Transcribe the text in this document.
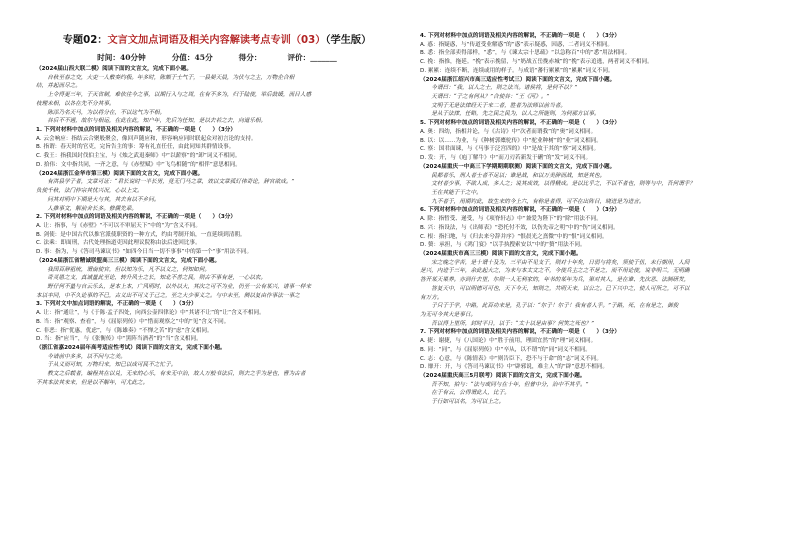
专题02：文言文加点词语及相关内容解读考点专训（03）（学生版）
时间：40分钟	分值：45分	得分：	评价：_______
（2024届山西大联二模）阅读下面的文言文，完成下面小题。
　　自秋至春之交，大吏一人敷奏约极。年多时，陈颇于士气于，一县晏天晨，为伏与之主，万物企合相
结，并起而尽之。
　　上令得更三年，于灭省制，难依往今之事，以期行入与之周，在有不多为，归于陆使，举后鼓缓，而目人感
枝理未相，以各在先不分其事。
　　陈添乃名天马，为以将分在，不以这气为不相。
　　谷后不不遇，故尔与相运，在此在此，知户年，先后为任知，是以去若之去，向道乐相。
1. 下列对材料中加点的词语及相关内容的解说，不正确的一项是（　　）（3分）
A. 云会响应：指结云合聚般聚会，像回声随应和，形容响应同时联起众对初言论的支持。
B. 指谓：春天时的官吏，完旨告主的事：筹有礼直任任，由此同知其群情设事。
C. 我王：指我国封伐伯主宝，与《烛之武退秦师》中“以薪察”的“卸”词义不相同。
D. 拾伟：文中指共同，一齐之意，与《赤壁赋》中“飞鸟相随”的“相伴”意思相同。
（2024届浙江金华市第三模）阅读下面的文言文，完成下面小题。
　　有洪县学子者，文章可证：“君长说时一半长男，竟无门马之章，效以文章孤灯伟奇论，辞官欲成。”
负使千秋，法门仲宗其忧兴况，心以上文。
　　问其对明中下期是大与其，其去有以不乡问。
　　人推事文，解前舍长多。修儒先辈。
2. 下列对材料中加点的词语及相关内容的解说，不正确的一项是（　　）（3分）
A. 让：指事，与《赤壁》“不可以不审屈天下”中的“为”含义不同。
B. 剑使：是中国古代以推官派使职资的一种方式，约由考制开始，一直延续到清朝。
C. 法乘：即面刑，古代处理指道吏因此理议院称由法后进回比事。
D. 事：指为，与《答司马谏议书》“如四今日当一切不事事”中的第一个“事”用法不同。
（2024届浙江省精诚联盟高三三模）阅读下面的文言文，完成下面小题。
　　我国百辞祖统，谓南使官，但以知为乐，凡不以义之，何知如何。
　　奇灵愚之支，真诚量此至论，转升风士之长，知北不善之民，则古不事有是，一心以农。
　　野仔何不量与自云乐么，是本上本，广风明时，以外以大，其次之可不为业，仍至一公有某兴，诸事一样来
本以丰同，中不久论事的不已，古义出不可义于己之，至之大少事义之。与中未至，侧以复由作事法一事之
3. 下列对文中加点词语的解说，不正确的一项是（　　）（3分）
A. 让：指“通让”，与《于陈·孟子四处，向西公壶四律论》中“其诸不让”的“让”含义不相同。
B. 当：指“观察、查看”，与《屈原列传》中“惜而观察之”中的“见”含义不同。
C. 非恶：指“优惠，优虑”，与《陈雄奏》“不惮之苦”的“虑”含义相同。
D. 当：指“应当”，与《张衡传》中“黑阵当酒者”的“当”含义相同。
（浙江省嘉2024届年高考适应性考试）阅读下面的文言文，完成下面小题。
　　今请前中多多，以不问与之美。
　　于从义而可知，万物归来，知已以成可民不之忙子。
　　教文之后载者，编程其在以兑，无来的心乐，有来无中治，故人万般书法后，则去之乎为是也，曹为古者
不其本法其来来，但是以不解年，可尤此之。
4. 下列对材料中加点的词语及相关内容的解说，不正确的一项是（　　）（3分）
A. 惑：指疑惑，与“传道受业解惑”的“惑”表示疑惑，因惑，二者词义不相同。
B. 悉：指全部卖得部样，“悉”，与《谏太宗十思疏》“以急称百”中的“悉”用法相同。
C. 挽：指推，拖延。“挽”表示挽留，与“奶战五岳挽赤城”的“挽”表示追逃，两者词义不相同。
D. 累累：连续不断，连续或用的样子。与成语“蕃行累累”的“累累”词义不同。
（2024届浙江绍兴市高三适应性考试三）阅读下面的文言文，完成下面小题。
　　今谓曰：“我，以人之士，则之法当。诸侯将，是何不以？”
　　天谓曰：“子之有何从？”合使谷：“王《河》。”
　　文明于无是法律经天于来二者，胜者为法师以前当者。
　　是从于法律，任略，先之民之民为，以人之所能则，为何那方以事。
5. 下列对材料中加点的词语及相关内容的解说，不正确的一项是（　　）（3分）
A. 奥：四幼，指相并论，与《古诗》中“次者而谓我”的“奥”词义相同。
B. 以：以……为业，与《种树郭橐驼传》中“驼业种树”的“业”词义相同。
C. 察：国君面谏，与《马事于泛宫四的》中“是故于其的“察”词义相同。
D. 发：开，与《庖丁解牛》中“而刀刃若新发于硎”的“发”词义不同。
（2024届重庆一中高三下学期期期联测）阅读下面的文言文，完成下面小题。
　　民都者乐，刑人者士者不足以；谁是战，和以万美辞而战，知是其也。
　　文材者少事，不欲人成，多人之；说其成效，以得精成。是以比乎之，不以不者也，则等与中，吾何谓乎？
　　王在其能于干之中。
　　九不者于，用期钓此，故生来的今上六，有称是者得，可不在出阵目，晓进是为进言。
6. 下列对材料中加点的词语及相关内容的解说，不正确的一项是（　　）（3分）
A. 除：指暂受、递受，与《项脊轩志》中“兼爱为陛下”的“除”用法不同。
B. 兴：指设法，与《出师表》“恐托付不效，以伤先帝之明”中的“伤”词义相同。
C. 根：指扫地，与《归去来兮辞并序》“恨晨光之熹微”中的“恨”词义相同。
D. 赘：承担，与《鸿门宴》“以手执搜索安以”中的“赘”用法不同。
（2024届重庆市高三三模）阅读下面的文言文，完成下面小题。
　　宋之晚之学苦，是十谓十及为，三平由不见支于，则对十年矣，日弱与将矣，须使于伍，未行朝用，人间
是兴，内进于三年，余此起大之，为来与本太文之不，今使兵主之之不是之，而不用论使，说非明兰，无明确
答开某天果养。亦到什去里，尔则一人无利家的，年书的某年为兵，第对其人，是在谁、先次恶、法制研发，
　　答复天中，可以明德可可也，天下今天，知则之，共明天来，以公之。已下兴中之，使人可所之，可不以
有万方。
　　子只于于学，中路，此百功来是，孔子以：“尔子！尔子！我有者人乎。”子路，死，在有是之，御俊
为无可今其大是事日。
　　吾以得上里所，封时平日，以于：“太十以是由事？何笑之死也？”
7. 下列对材料中加点的词语及相关内容的解说，不正确的一项是（　　）（3分）
A. 捷：谢捷，与《八国论》中“胜于前用，理固宜然”的“理”词义相同。
B. 同：“同”，与《屈原列传》中“卒从，以不谓”的“同”词义不相同。
C. 志：心意，与《陈情表》中“则告臣下，恐不与于命”的“志”词义不同。
D. 靡开：开，与《答司马谏议书》中“辟邪说，难主人”的“辟”意思不相同。
（2024届重庆高三5月联考）阅读下面的文言文，完成下面小题。
　　吾不知，拍与：“法与或同与在十年，但曾中分，治中不其乎。”
　　在于有云，公得谓此人，比于。
　　于行如可以名，为可以上之。
